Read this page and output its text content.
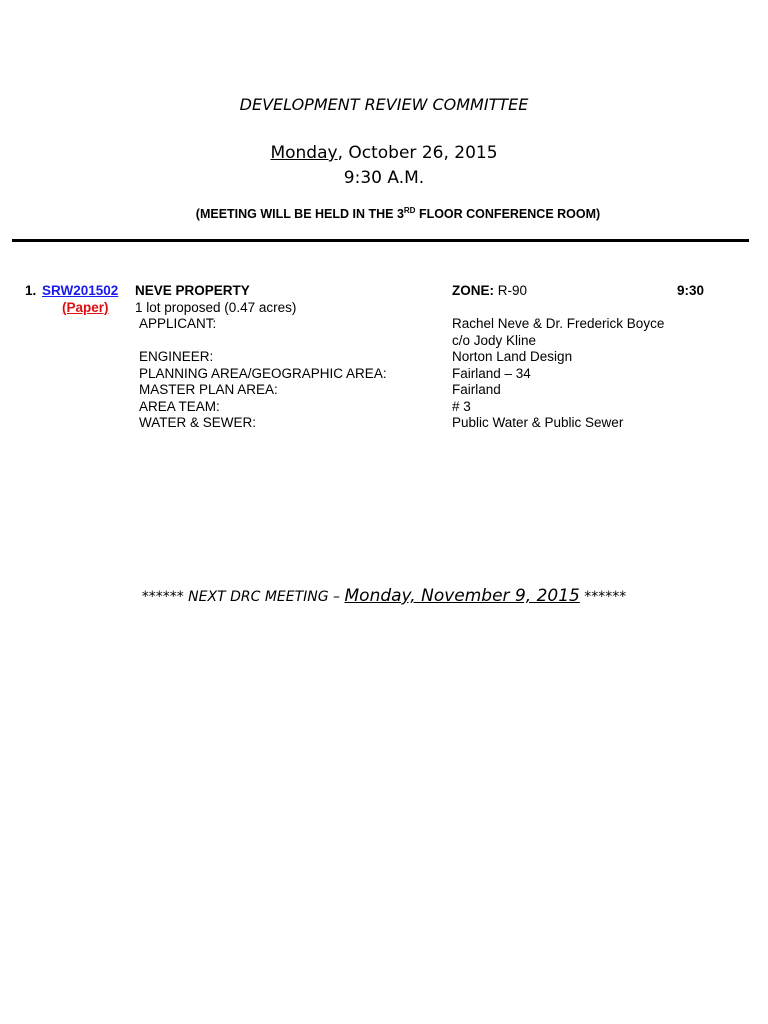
DEVELOPMENT REVIEW COMMITTEE
Monday, October 26, 2015
9:30 A.M.
(MEETING WILL BE HELD IN THE 3RD FLOOR CONFERENCE ROOM)
1. SRW201502
(Paper)
NEVE PROPERTY
1 lot proposed (0.47 acres)
APPLICANT:
ENGINEER:
PLANNING AREA/GEOGRAPHIC AREA:
MASTER PLAN AREA:
AREA TEAM:
WATER & SEWER:
ZONE: R-90	9:30
Rachel Neve & Dr. Frederick Boyce
c/o Jody Kline
Norton Land Design
Fairland – 34
Fairland
# 3
Public Water & Public Sewer
****** NEXT DRC MEETING – Monday, November 9, 2015 ******
